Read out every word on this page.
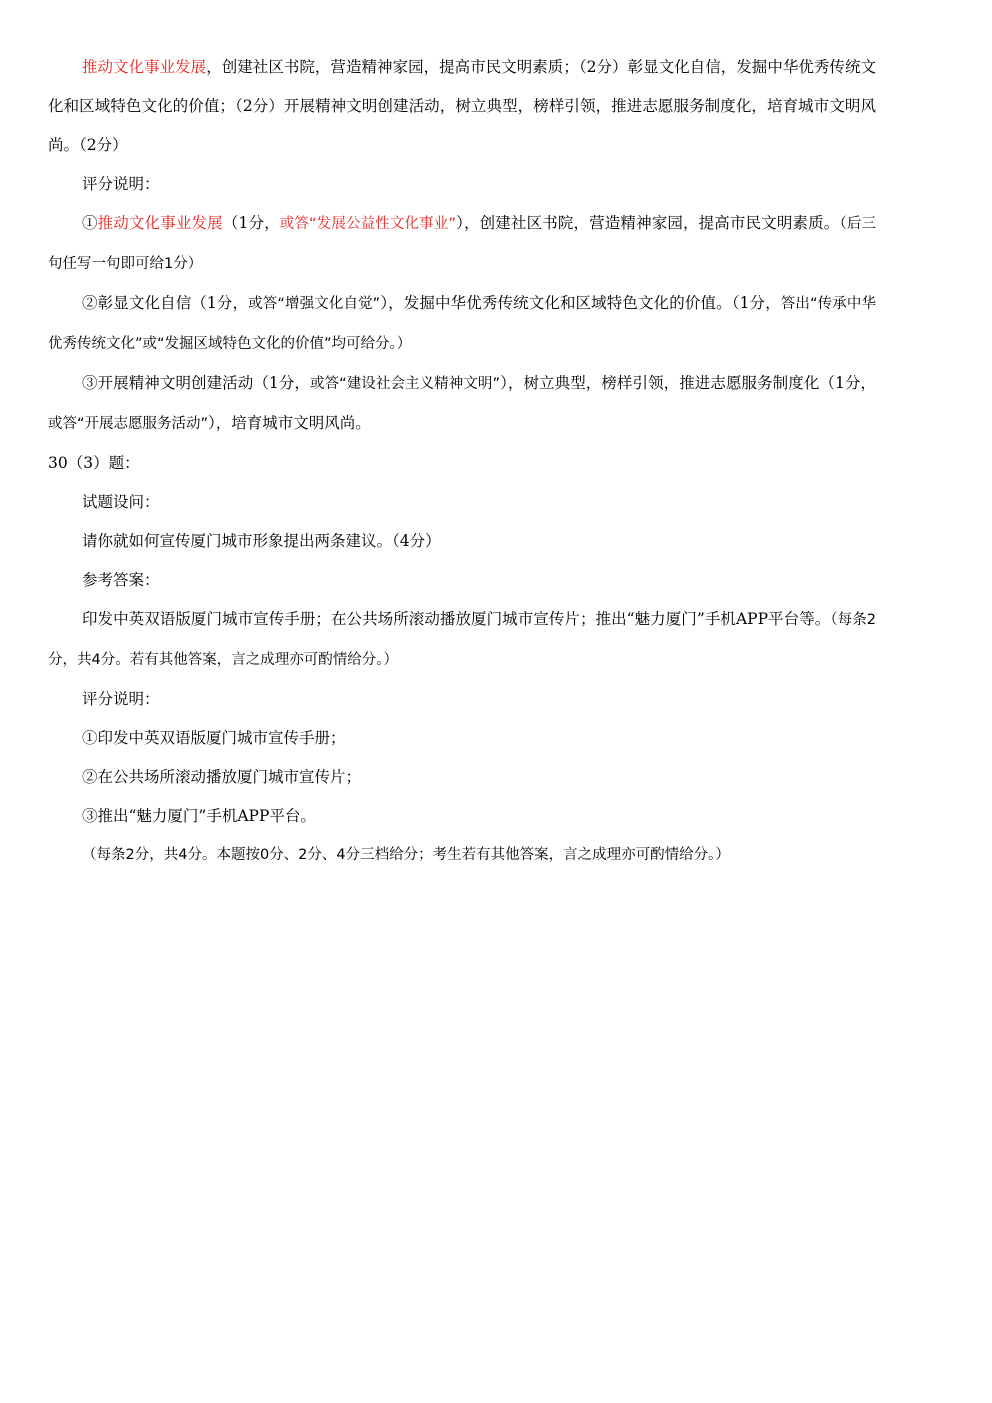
推动文化事业发展，创建社区书院，营造精神家园，提高市民文明素质；（2分）彰显文化自信，发掘中华优秀传统文化和区域特色文化的价值；（2分）开展精神文明创建活动，树立典型，榜样引领，推进志愿服务制度化，培育城市文明风尚。（2分）

评分说明：

①推动文化事业发展（1分，或答“发展公益性文化事业”），创建社区书院，营造精神家园，提高市民文明素质。（后三句任写一句即可给1分）

②彰显文化自信（1分，或答“增强文化自觉”），发掘中华优秀传统文化和区域特色文化的价值。（1分，答出“传承中华优秀传统文化”或“发掘区域特色文化的价值”均可给分。）

③开展精神文明创建活动（1分，或答“建设社会主义精神文明”），树立典型，榜样引领，推进志愿服务制度化（1分，或答“开展志愿服务活动”），培育城市文明风尚。

30（3）题：

试题设问：

请你就如何宣传厦门城市形象提出两条建议。（4分）

参考答案：

印发中英双语版厦门城市宣传手册；在公共场所滚动播放厦门城市宣传片；推出“魅力厦门”手机APP平台等。（每条2分，共4分。若有其他答案，言之成理亦可酌情给分。）

评分说明：

①印发中英双语版厦门城市宣传手册；

②在公共场所滚动播放厦门城市宣传片；

③推出“魅力厦门”手机APP平台。

（每条2分，共4分。本题按0分、2分、4分三档给分；考生若有其他答案，言之成理亦可酌情给分。）
